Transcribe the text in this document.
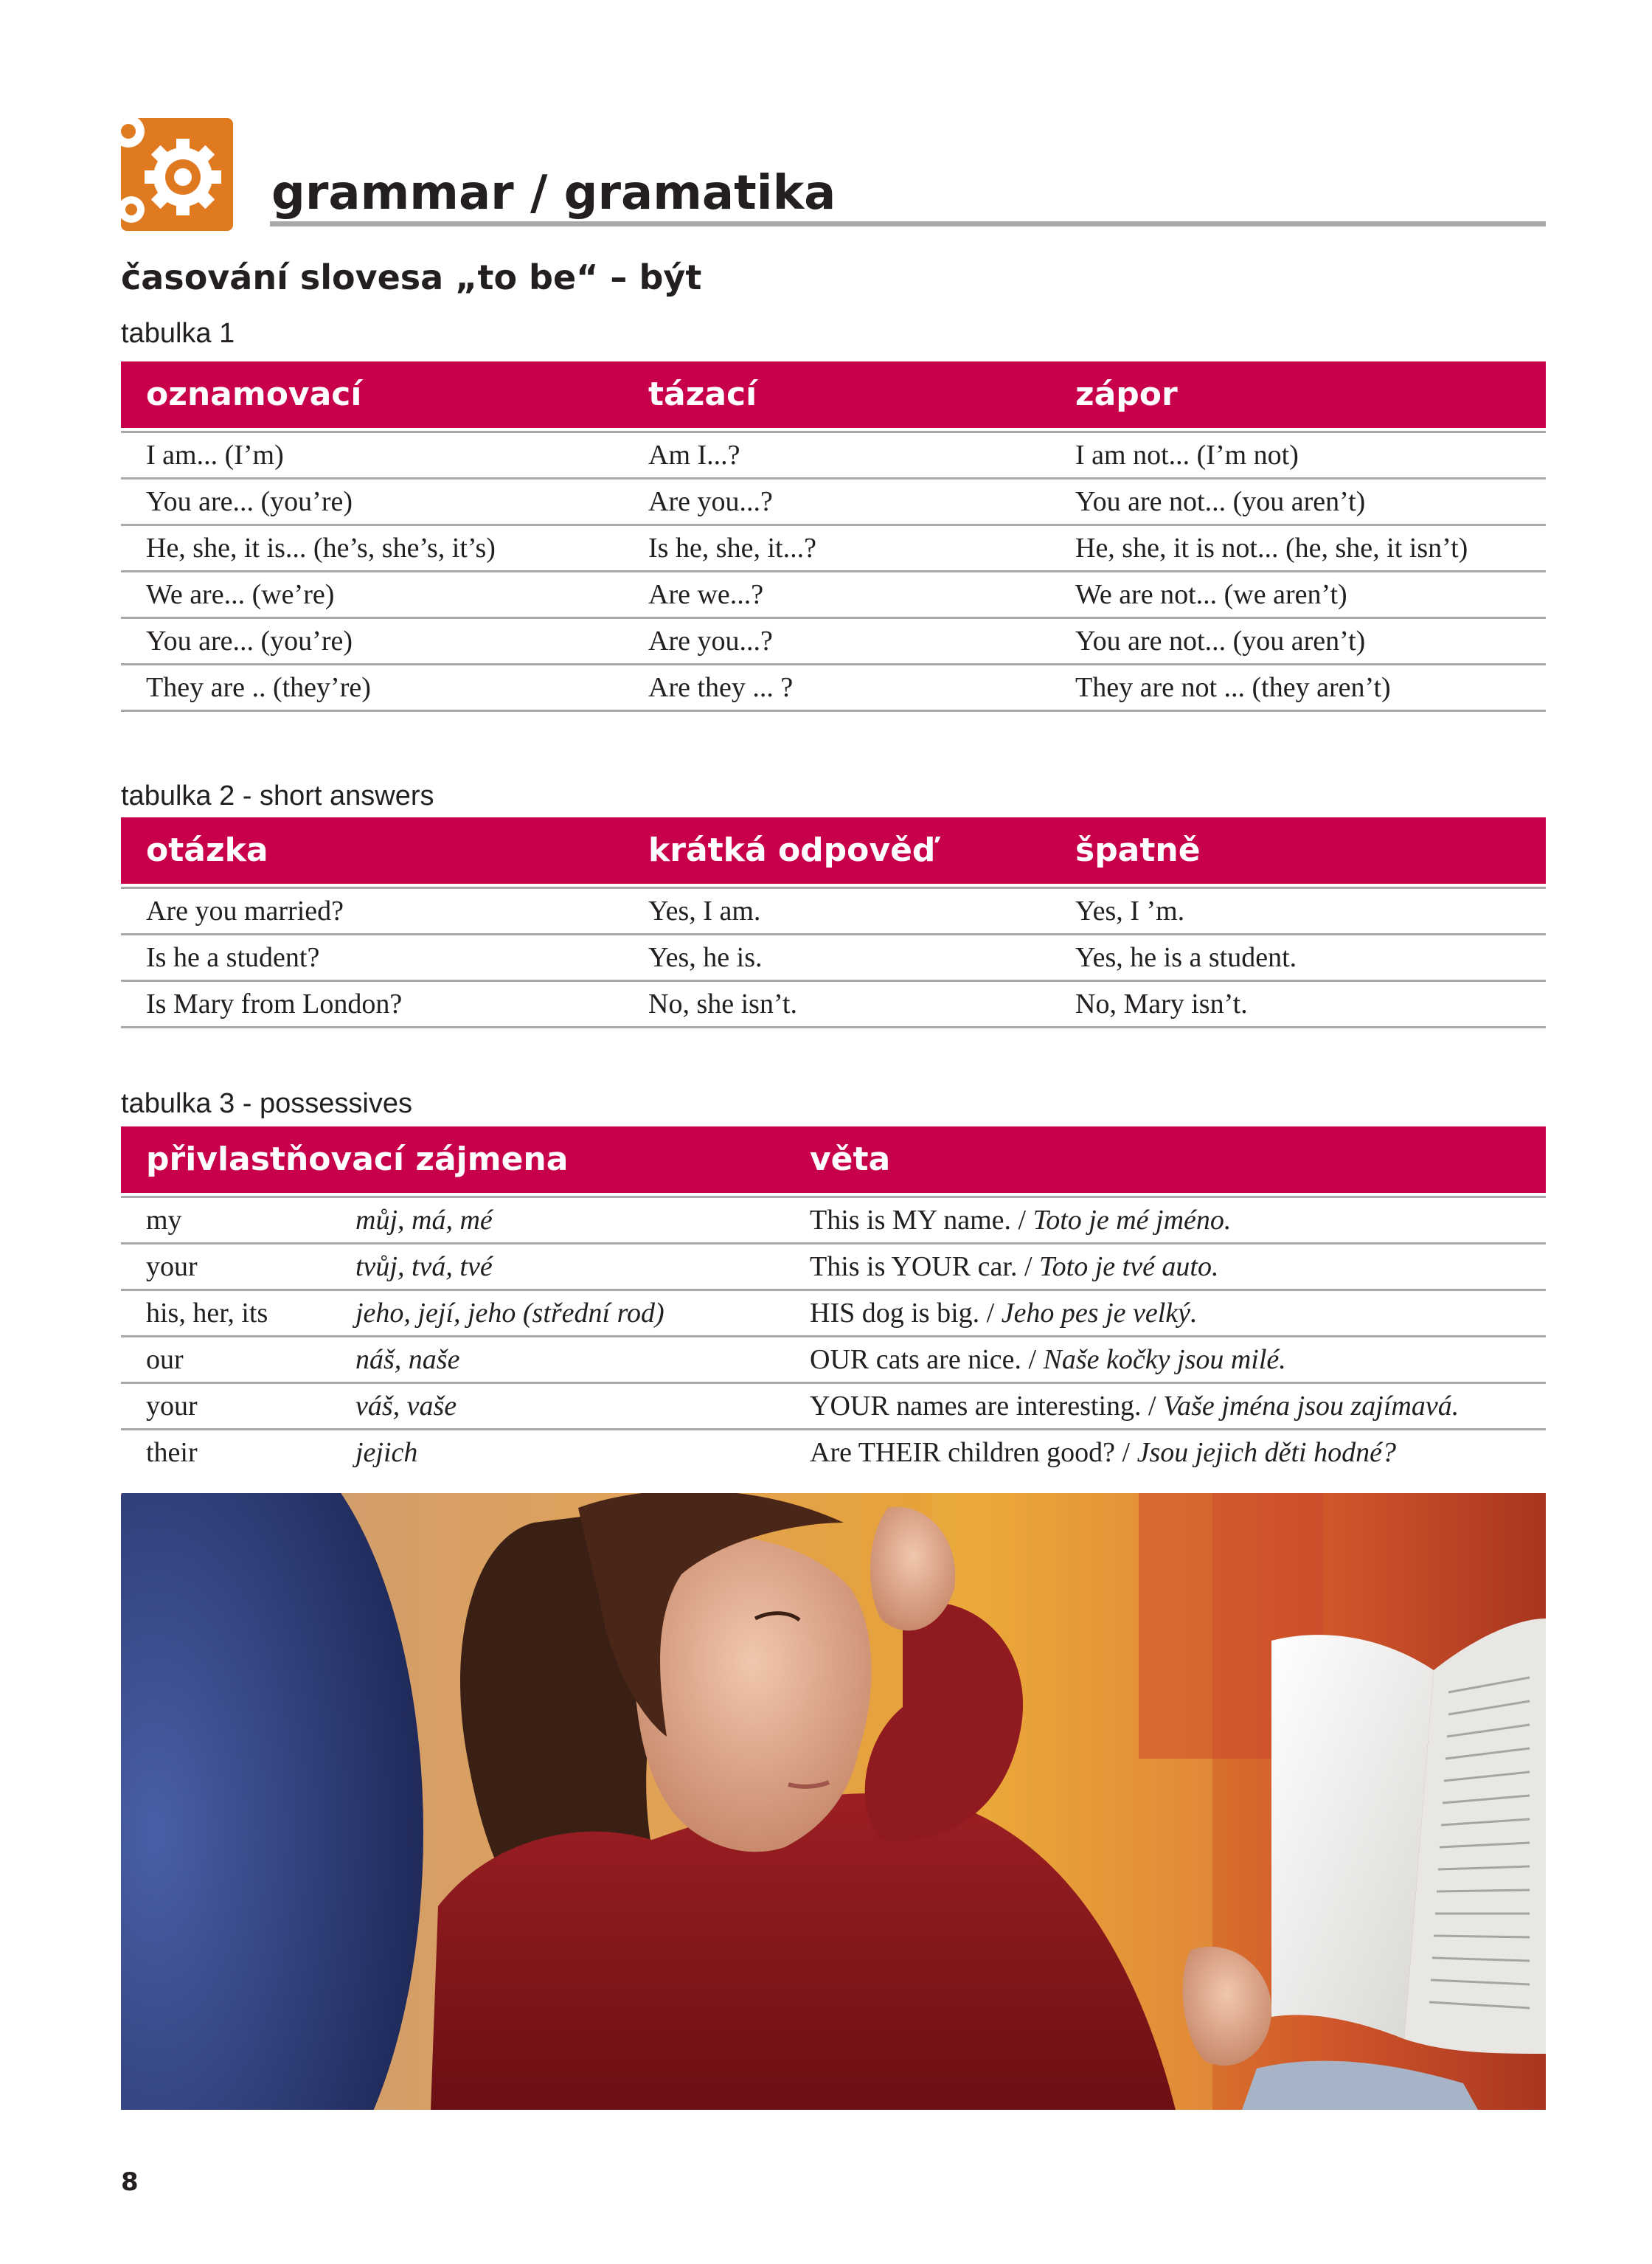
grammar / gramatika
časování slovesa „to be“ – být
tabulka 1
oznamovací	tázací	zápor
I am... (I’m)	Am I...?	I am not... (I’m not)
You are... (you’re)	Are you...?	You are not... (you aren’t)
He, she, it is... (he’s, she’s, it’s)	Is he, she, it...?	He, she, it is not... (he, she, it isn’t)
We are... (we’re)	Are we...?	We are not... (we aren’t)
You are... (you’re)	Are you...?	You are not... (you aren’t)
They are .. (they’re)	Are they ... ?	They are not ... (they aren’t)
tabulka 2 - short answers
otázka	krátká odpověď	špatně
Are you married?	Yes, I am.	Yes, I ’m.
Is he a student?	Yes, he is.	Yes, he is a student.
Is Mary from London?	No, she isn’t.	No, Mary isn’t.
tabulka 3 - possessives
přivlastňovací zájmena	věta
my	můj, má, mé	This is MY name. / Toto je mé jméno.
your	tvůj, tvá, tvé	This is YOUR car. / Toto je tvé auto.
his, her, its	jeho, její, jeho (střední rod)	HIS dog is big. / Jeho pes je velký.
our	náš, naše	OUR cats are nice. / Naše kočky jsou milé.
your	váš, vaše	YOUR names are interesting. / Vaše jména jsou zajímavá.
their	jejich	Are THEIR children good? / Jsou jejich děti hodné?
8
